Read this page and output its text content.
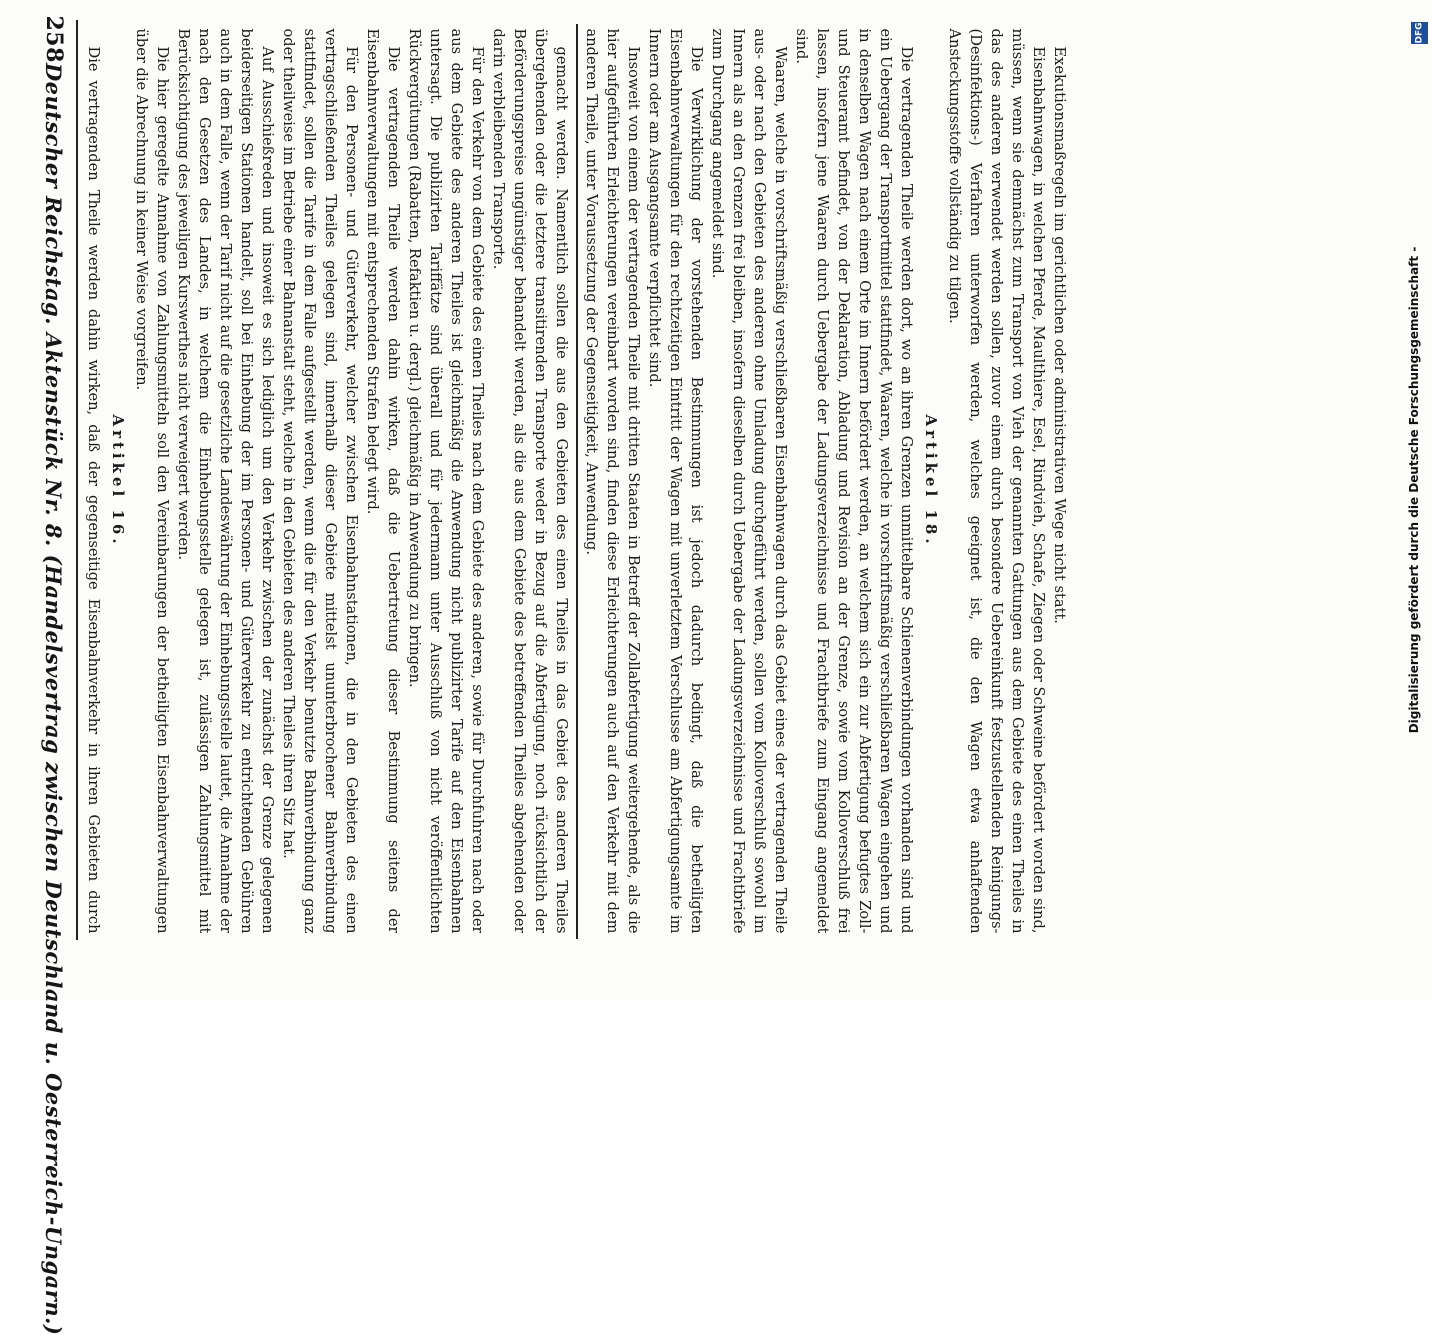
258
Deutscher Reichstag. Aktenstück Nr. 8. (Handelsvertrag zwischen Deutschland u. Oesterreich-Ungarn.)	gemacht werden. Namentlich sollen die aus den Gebieten des einen Theiles in das Gebiet des anderen Theiles übergehenden oder die letztere transitirenden Transporte weder in Bezug auf die Abfertigung, noch rücksichtlich der Beförderungspreise ungünstiger behandelt werden, als die aus dem Gebiete des betreffenden Theiles abgehenden oder darin verbleibenden Transporte.

Für den Verkehr von dem Gebiete des einen Theiles nach dem Gebiete des anderen, sowie für Durchfuhren nach oder aus dem Gebiete des anderen Theiles ist gleichmäßig die Anwendung nicht publizirter Tarife auf den Eisenbahnen untersagt. Die publizirten Tariffätze sind überall und für jedermann unter Ausschluß von nicht veröffentlichten Rückvergütungen (Rabatten, Refaktien u. dergl.) gleichmäßig in Anwendung zu bringen.

Die vertragenden Theile werden dahin wirken, daß die Uebertretung dieser Bestimmung seitens der Eisenbahnverwaltungen mit entsprechenden Strafen belegt wird.

Für den Personen- und Güterverkehr, welcher zwischen Eisenbahnstationen, die in den Gebieten des einen vertragschließenden Theiles gelegen sind, innerhalb dieser Gebiete mittelst ununterbrochener Bahnverbindung stattfindet, sollen die Tarife in dem Falle aufgestellt werden, wenn die für den Verkehr benutzte Bahnverbindung ganz oder theilweise im Betriebe einer Bahnanstalt steht, welche in den Gebieten des anderen Theiles ihren Sitz hat.

Auf Ausschießreden und insoweit es sich lediglich um den Verkehr zwischen der zunächst der Grenze gelegenen beiderseitigen Stationen handelt, soll bei Einhebung der im Personen- und Güterverkehr zu entrichtenden Gebühren auch in dem Falle, wenn der Tarif nicht auf die gesetzliche Landeswährung der Einhebungsstelle lautet, die Annahme der nach den Gesetzen des Landes, in welchem die Einhebungsstelle gelegen ist, zulässigen Zahlungsmittel mit Berücksichtigung des jeweiligen Kurswerthes nicht verweigert werden.

Die hier geregelte Annahme von Zahlungsmitteln soll den Vereinbarungen der betheiligten Eisenbahnverwaltungen über die Abrechnung in keiner Weise vorgreifen.

Artikel 16.

Die vertragenden Theile werden dahin wirken, daß der gegenseitige Eisenbahnverkehr in ihren Gebieten durch

Exekutionsmaßregeln im gerichtlichen oder administrativen Wege nicht statt.

Eisenbahnwagen, in welchen Pferde, Maulthiere, Esel, Rindvieh, Schafe, Ziegen oder Schweine befördert worden sind, müssen, wenn sie demnächst zum Transport von Vieh der genannten Gattungen aus dem Gebiete des einen Theiles in das des anderen verwendet werden sollen, zuvor einem durch besondere Uebereinkunft festzustellenden Reinigungs- (Desinfektions-) Verfahren unterworfen werden, welches geeignet ist, die den Wagen etwa anhaftenden Ansteckungsstoffe vollständig zu tilgen.

Artikel 18.

Die vertragenden Theile werden dort, wo an ihren Grenzen unmittelbare Schienenverbindungen vorhanden sind und ein Uebergang der Transportmittel stattfindet, Waaren, welche in vorschriftsmäßig verschließbaren Wagen eingehen und in denselben Wagen nach einem Orte im Innern befördert werden, an welchem sich ein zur Abfertigung befugtes Zoll- und Steueramt befindet, von der Deklaration, Abladung und Revision an der Grenze, sowie vom Kolloverschluß frei lassen, insofern jene Waaren durch Uebergabe der Ladungsverzeichnisse und Frachtbriefe zum Eingang angemeldet sind.

Waaren, welche in vorschriftsmäßig verschließbaren Eisenbahnwagen durch das Gebiet eines der vertragenden Theile aus- oder nach den Gebieten des anderen ohne Umladung durchgeführt werden, sollen vom Kolloverschluß sowohl im Innern als an den Grenzen frei bleiben, insofern dieselben durch Uebergabe der Ladungsverzeichnisse und Frachtbriefe zum Durchgang angemeldet sind.

Die Verwirklichung der vorstehenden Bestimmungen ist jedoch dadurch bedingt, daß die betheiligten Eisenbahnverwaltungen für den rechtzeitigen Eintritt der Wagen mit unverletztem Verschlusse am Abfertigungsamte im Innern oder am Ausgangsamte verpflichtet sind.

Insoweit von einem der vertragenden Theile mit dritten Staaten in Betreff der Zollabfertigung weitergehende, als die hier aufgeführten Erleichterungen vereinbart worden sind, finden diese Erleichterungen auch auf den Verkehr mit dem anderen Theile, unter Voraussetzung der Gegenseitigkeit, Anwendung.	Digitalisierung gefördert durch die Deutsche Forschungsgemeinschaft -
DFG
